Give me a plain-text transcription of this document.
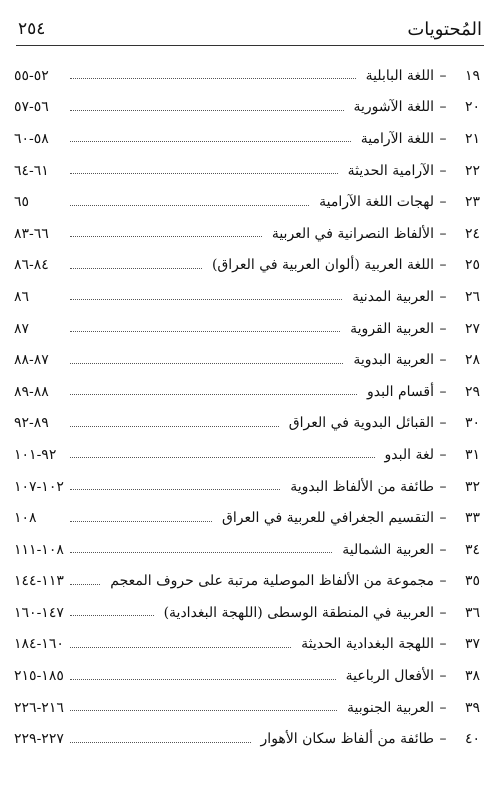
٢٥٤	المُحتويات
١٩
–
اللغة البابلية
٥٢-٥٥
٢٠
–
اللغة الآشورية
٥٦-٥٧
٢١
–
اللغة الآرامية
٥٨-٦٠
٢٢
–
الآرامية الحديثة
٦١-٦٤
٢٣
–
لهجات اللغة الآرامية
٦٥
٢٤
–
الألفاظ النصرانية في العربية
٦٦-٨٣
٢٥
–
اللغة العربية (ألوان العربية في العراق)
٨٤-٨٦
٢٦
–
العربية المدنية
٨٦
٢٧
–
العربية القروية
٨٧
٢٨
–
العربية البدوية
٨٧-٨٨
٢٩
–
أقسام البدو
٨٨-٨٩
٣٠
–
القبائل البدوية في العراق
٨٩-٩٢
٣١
–
لغة البدو
٩٢-١٠١
٣٢
–
طائفة من الألفاظ البدوية
١٠٢-١٠٧
٣٣
–
التقسيم الجغرافي للعربية في العراق
١٠٨
٣٤
–
العربية الشمالية
١٠٨-١١١
٣٥
–
مجموعة من الألفاظ الموصلية مرتبة على حروف المعجم
١١٣-١٤٤
٣٦
–
العربية في المنطقة الوسطى (اللهجة البغدادية)
١٤٧-١٦٠
٣٧
–
اللهجة البغدادية الحديثة
١٦٠-١٨٤
٣٨
–
الأفعال الرباعية
١٨٥-٢١٥
٣٩
–
العربية الجنوبية
٢١٦-٢٢٦
٤٠
–
طائفة من ألفاظ سكان الأهوار
٢٢٧-٢٢٩
